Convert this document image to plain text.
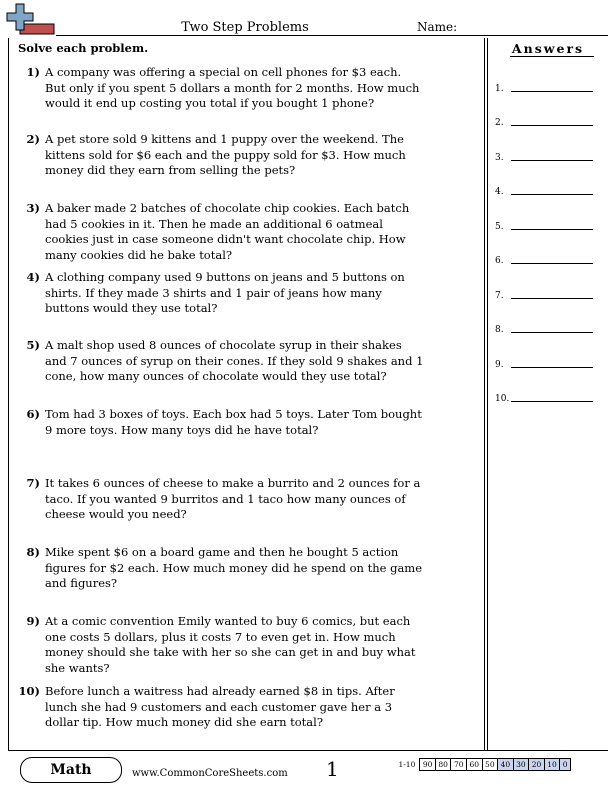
Two Step Problems	Name:
Solve each problem.
1) A company was offering a special on cell phones for $3 each. But only if you spent 5 dollars a month for 2 months. How much would it end up costing you total if you bought 1 phone?
2) A pet store sold 9 kittens and 1 puppy over the weekend. The kittens sold for $6 each and the puppy sold for $3. How much money did they earn from selling the pets?
3) A baker made 2 batches of chocolate chip cookies. Each batch had 5 cookies in it. Then he made an additional 6 oatmeal cookies just in case someone didn't want chocolate chip. How many cookies did he bake total?
4) A clothing company used 9 buttons on jeans and 5 buttons on shirts. If they made 3 shirts and 1 pair of jeans how many buttons would they use total?
5) A malt shop used 8 ounces of chocolate syrup in their shakes and 7 ounces of syrup on their cones. If they sold 9 shakes and 1 cone, how many ounces of chocolate would they use total?
6) Tom had 3 boxes of toys. Each box had 5 toys. Later Tom bought 9 more toys. How many toys did he have total?
7) It takes 6 ounces of cheese to make a burrito and 2 ounces for a taco. If you wanted 9 burritos and 1 taco how many ounces of cheese would you need?
8) Mike spent $6 on a board game and then he bought 5 action figures for $2 each. How much money did he spend on the game and figures?
9) At a comic convention Emily wanted to buy 6 comics, but each one costs 5 dollars, plus it costs 7 to even get in. How much money should she take with her so she can get in and buy what she wants?
10) Before lunch a waitress had already earned $8 in tips. After lunch she had 9 customers and each customer gave her a 3 dollar tip. How much money did she earn total?
Answers
1.
2.
3.
4.
5.
6.
7.
8.
9.
10.
Math	www.CommonCoreSheets.com 1	1-10	90	80	70	60	50	40	30	20	10	0
